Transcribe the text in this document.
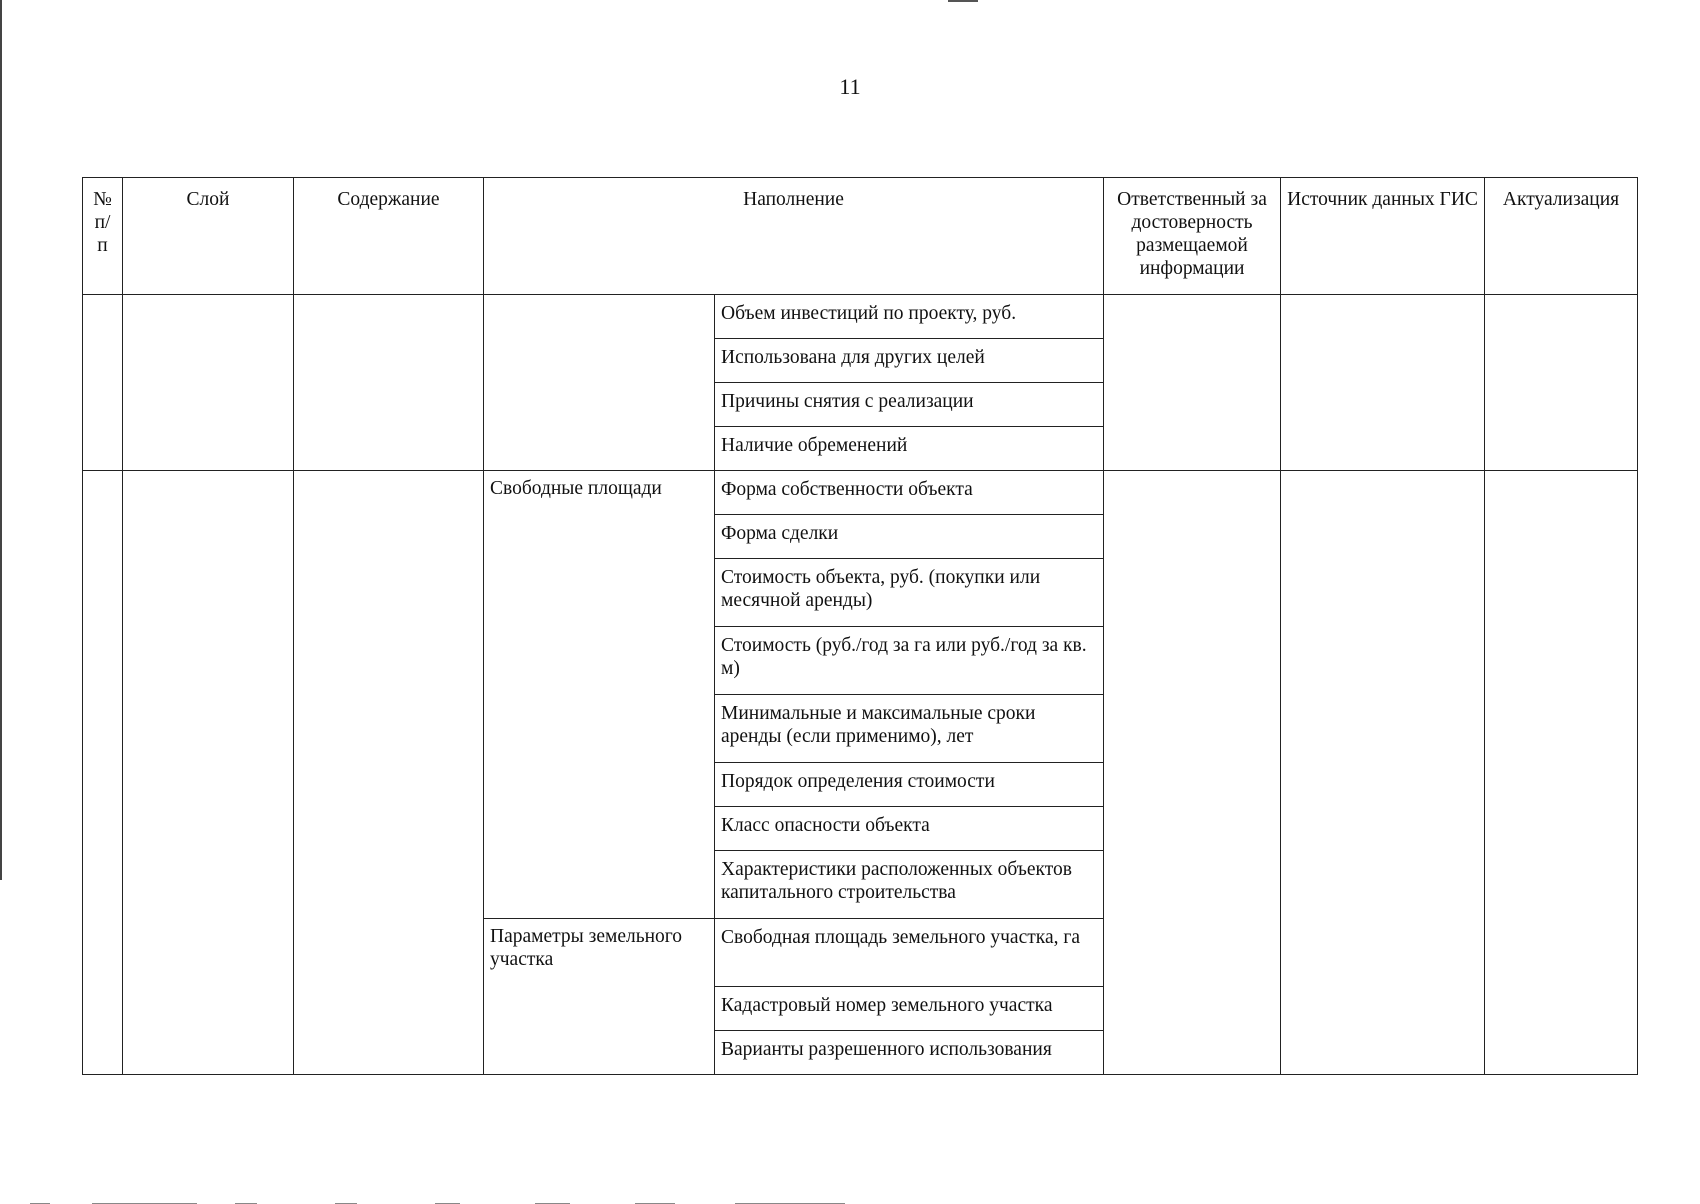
11
№ п/ п	Слой	Содержание	Наполнение		Ответственный за достоверность размещаемой информации	Источник данных ГИС	Актуализация
				Объем инвестиций по проекту, руб.			
				Использована для других целей			
				Причины снятия с реализации			
				Наличие обременений			
			Свободные площади	Форма собственности объекта			
				Форма сделки			
				Стоимость объекта, руб. (покупки или месячной аренды)			
				Стоимость (руб./год за га или руб./год за кв. м)			
				Минимальные и максимальные сроки аренды (если применимо), лет			
				Порядок определения стоимости			
				Класс опасности объекта			
				Характеристики расположенных объектов капитального строительства			
			Параметры земельного участка	Свободная площадь земельного участка, га			
				Кадастровый номер земельного участка			
				Варианты разрешенного использования			
